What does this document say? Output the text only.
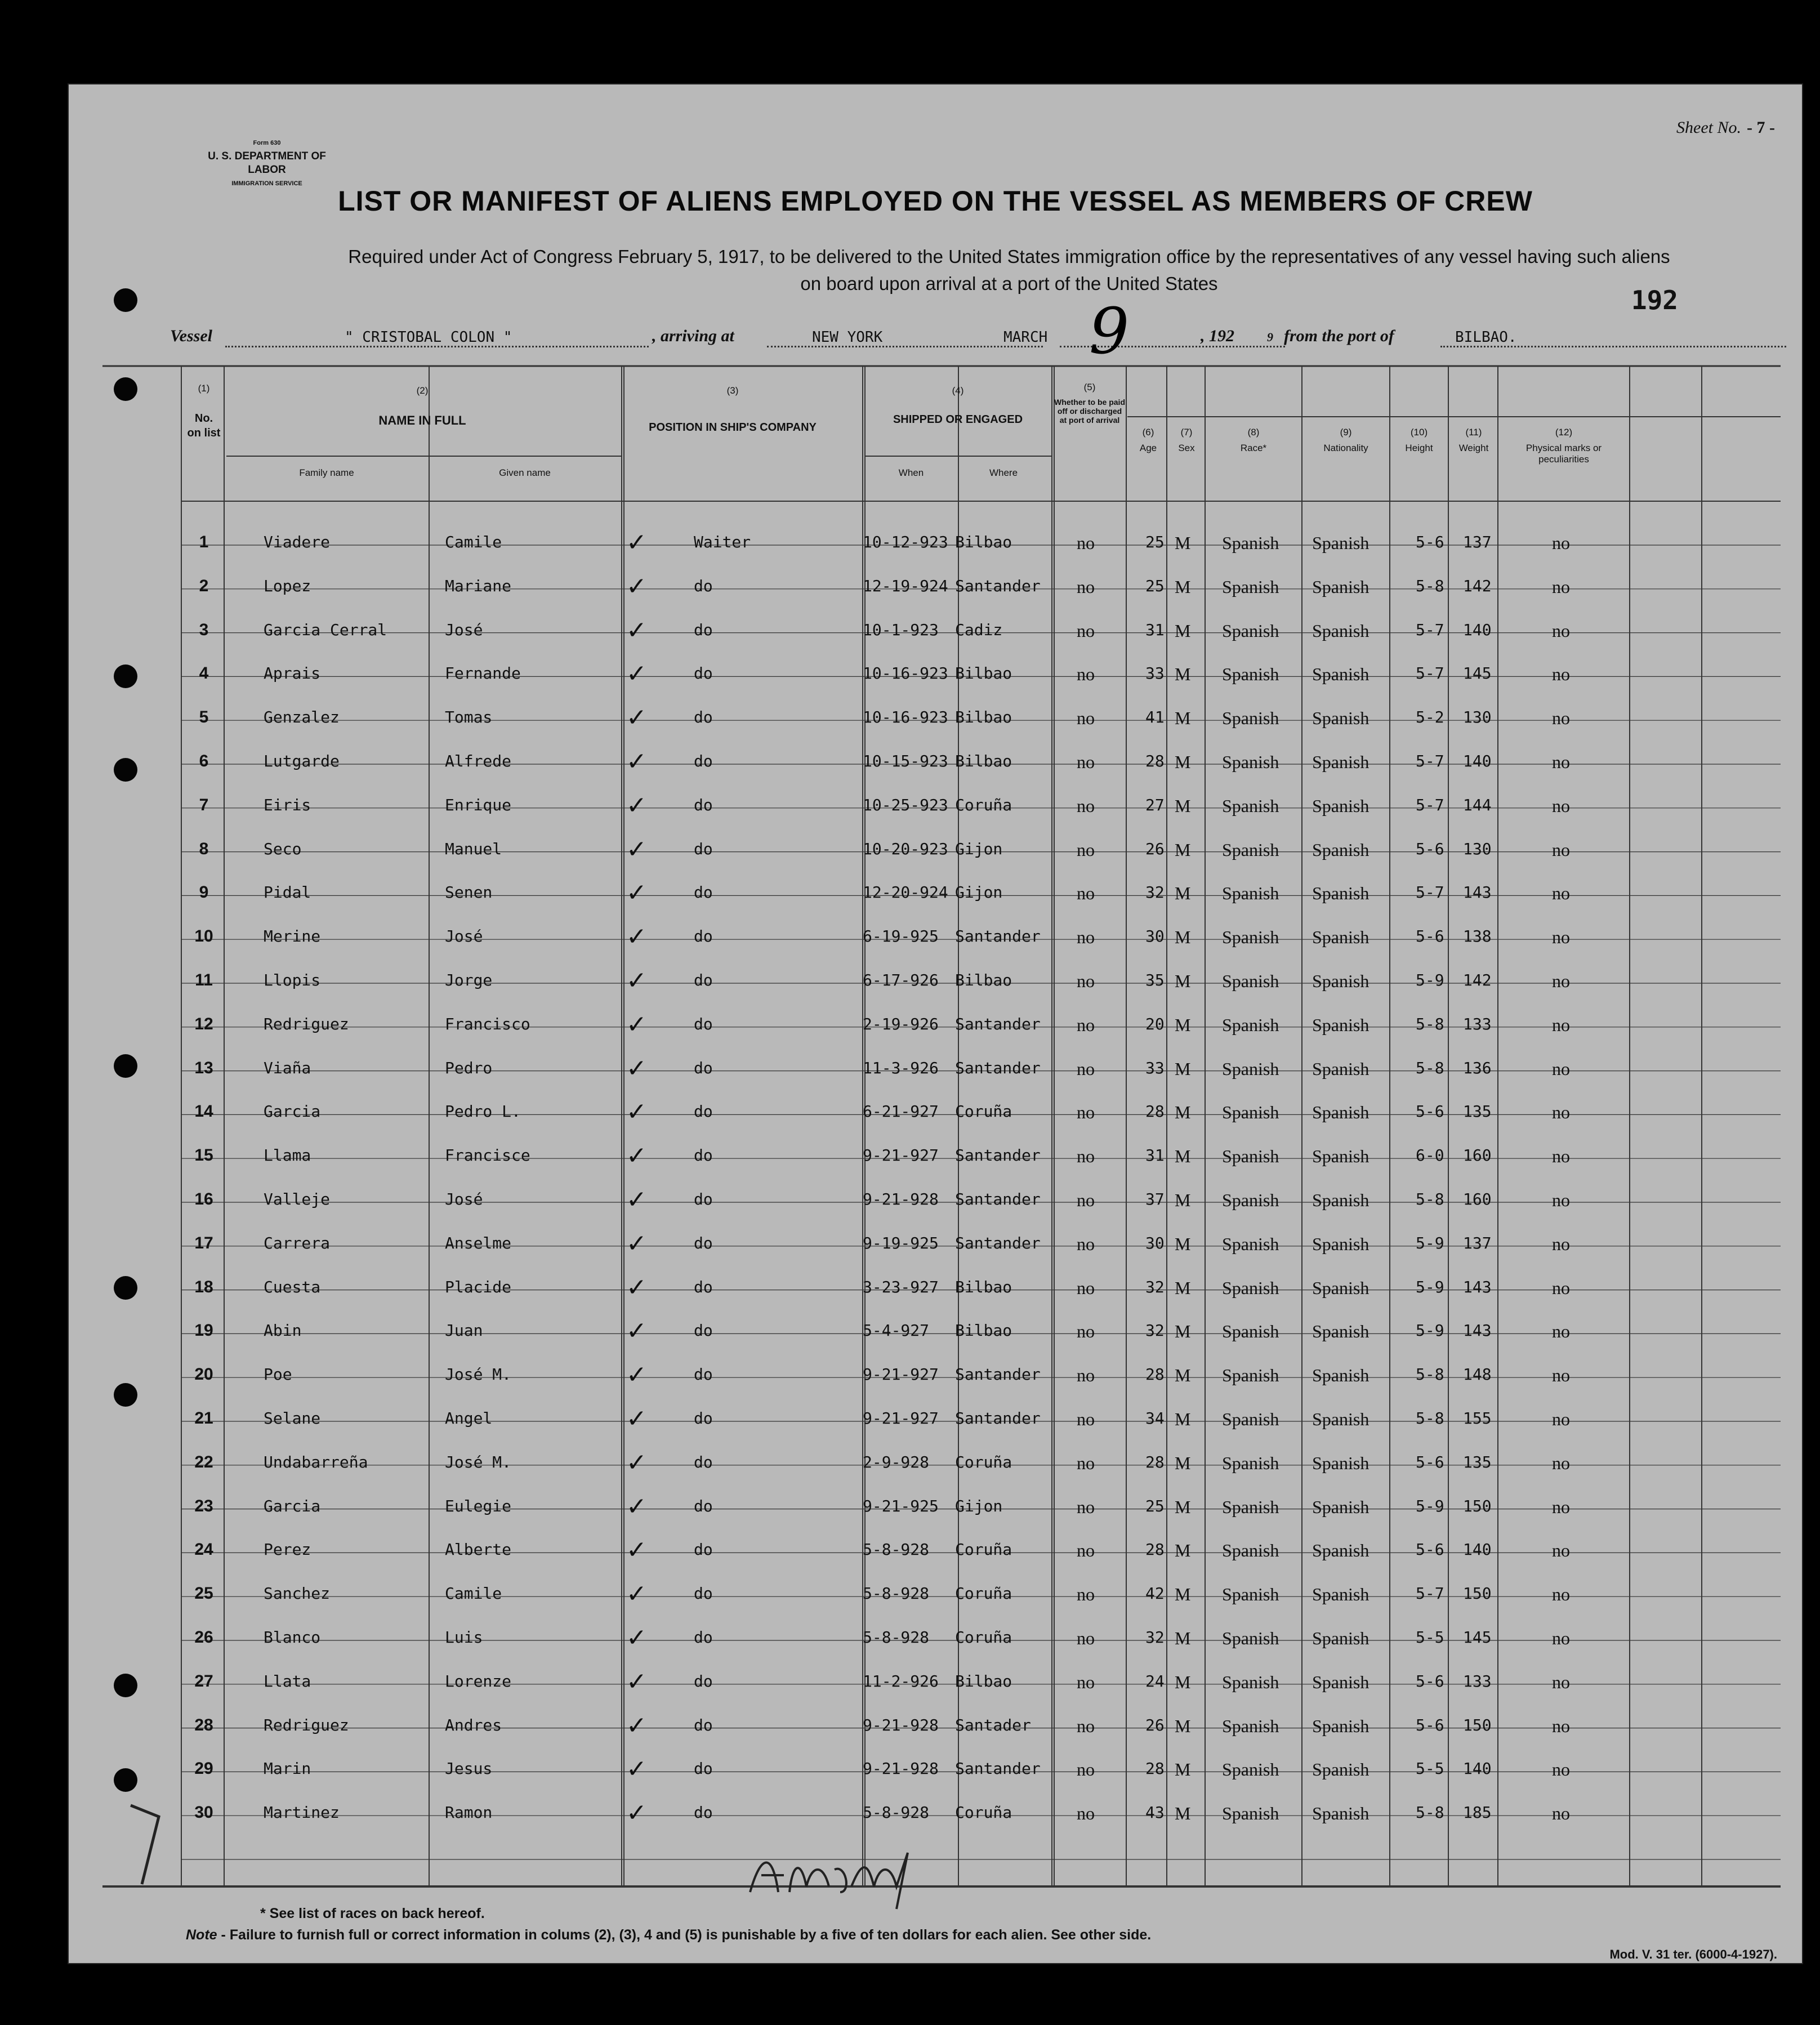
Form 630
U. S. DEPARTMENT OF LABOR
IMMIGRATION SERVICE
Sheet No. - 7 -
LIST OR MANIFEST OF ALIENS EMPLOYED ON THE VESSEL AS MEMBERS OF CREW
Required under Act of Congress February 5, 1917, to be delivered to the United States immigration office by the representatives of any vessel having such aliens
on board upon arrival at a port of the United States
192
Vessel	" CRISTOBAL COLON "	, arriving at	NEW YORK	MARCH 9	, 192	9 from the port of	BILBAO.
(1)
No. on list
(2)
NAME IN FULL
Family name	Given name
(3)
POSITION IN SHIP'S COMPANY
(4)
SHIPPED OR ENGAGED
When	Where
(5)
Whether to be paid off or discharged at port of arrival
(6)
Age
(7)
Sex
(8)
Race*
(9)
Nationality
(10)
Height
(11)
Weight
(12)
Physical marks or peculiarities
1	Viadere	Camile	Waiter	10-12-923 Bilbao	no	25 M Spanish Spanish	5-6 137	no
✓
2	Lopez	Mariane	do	12-19-924 Santander no	25 M Spanish Spanish	5-8 142	no
✓
3	Garcia Cerral	José	do	10-1-923 Cadiz	no	31 M Spanish Spanish	5-7 140	no
✓
4	Aprais	Fernande	do	10-16-923 Bilbao	no	33 M Spanish Spanish	5-7 145	no
✓
5	Genzalez	Tomas	do	10-16-923 Bilbao	no	41 M Spanish Spanish	5-2 130	no
✓
6	Lutgarde	Alfrede	do	10-15-923 Bilbao	no	28 M Spanish Spanish	5-7 140	no
✓
7	Eiris	Enrique	do	10-25-923 Coruña	no	27 M Spanish Spanish	5-7 144	no
✓
8	Seco	Manuel	do	10-20-923 Gijon	no	26 M Spanish Spanish	5-6 130	no
✓
9	Pidal	Senen	do	12-20-924 Gijon	no	32 M Spanish Spanish	5-7 143	no
✓
10	Merine	José	do	6-19-925 Santander no	30 M Spanish Spanish	5-6 138	no
✓
11	Llopis	Jorge	do	6-17-926 Bilbao	no	35 M Spanish Spanish	5-9 142	no
✓
12	Redriguez	Francisco	do	2-19-926 Santander no	20 M Spanish Spanish	5-8 133	no
✓
13	Viaña	Pedro	do	11-3-926 Santander no	33 M Spanish Spanish	5-8 136	no
✓
14	Garcia	Pedro L.	do	6-21-927 Coruña	no	28 M Spanish Spanish	5-6 135	no
✓
15	Llama	Francisce	do	9-21-927 Santander no	31 M Spanish Spanish	6-0 160	no
✓
16	Valleje	José	do	9-21-928 Santander no	37 M Spanish Spanish	5-8 160	no
✓
17	Carrera	Anselme	do	9-19-925 Santander no	30 M Spanish Spanish	5-9 137	no
✓
18	Cuesta	Placide	do	3-23-927 Bilbao	no	32 M Spanish Spanish	5-9 143	no
✓
19	Abin	Juan	do	5-4-927 Bilbao	no	32 M Spanish Spanish	5-9 143	no
✓
20	Poe	José M.	do	9-21-927 Santander no	28 M Spanish Spanish	5-8 148	no
✓
21	Selane	Angel	do	9-21-927 Santander no	34 M Spanish Spanish	5-8 155	no
✓
22	Undabarreña	José M.	do	2-9-928 Coruña	no	28 M Spanish Spanish	5-6 135	no
✓
23	Garcia	Eulegie	do	9-21-925 Gijon	no	25 M Spanish Spanish	5-9 150	no
✓
24	Perez	Alberte	do	5-8-928 Coruña	no	28 M Spanish Spanish	5-6 140	no
✓
25	Sanchez	Camile	do	5-8-928 Coruña	no	42 M Spanish Spanish	5-7 150	no
✓
26	Blanco	Luis	do	5-8-928 Coruña	no	32 M Spanish Spanish	5-5 145	no
✓
27	Llata	Lorenze	do	11-2-926 Bilbao	no	24 M Spanish Spanish	5-6 133	no
✓
28	Redriguez	Andres	do	9-21-928 Santader	no	26 M Spanish Spanish	5-6 150	no
✓
29	Marin	Jesus	do	9-21-928 Santander no	28 M Spanish Spanish	5-5 140	no
✓
30	Martinez	Ramon	do	5-8-928 Coruña	no	43 M Spanish Spanish	5-8 185	no
✓
* See list of races on back hereof.
Note - Failure to furnish full or correct information in colums (2), (3), 4 and (5) is punishable by a five of ten dollars for each alien. See other side.
Mod. V. 31 ter. (6000-4-1927).
